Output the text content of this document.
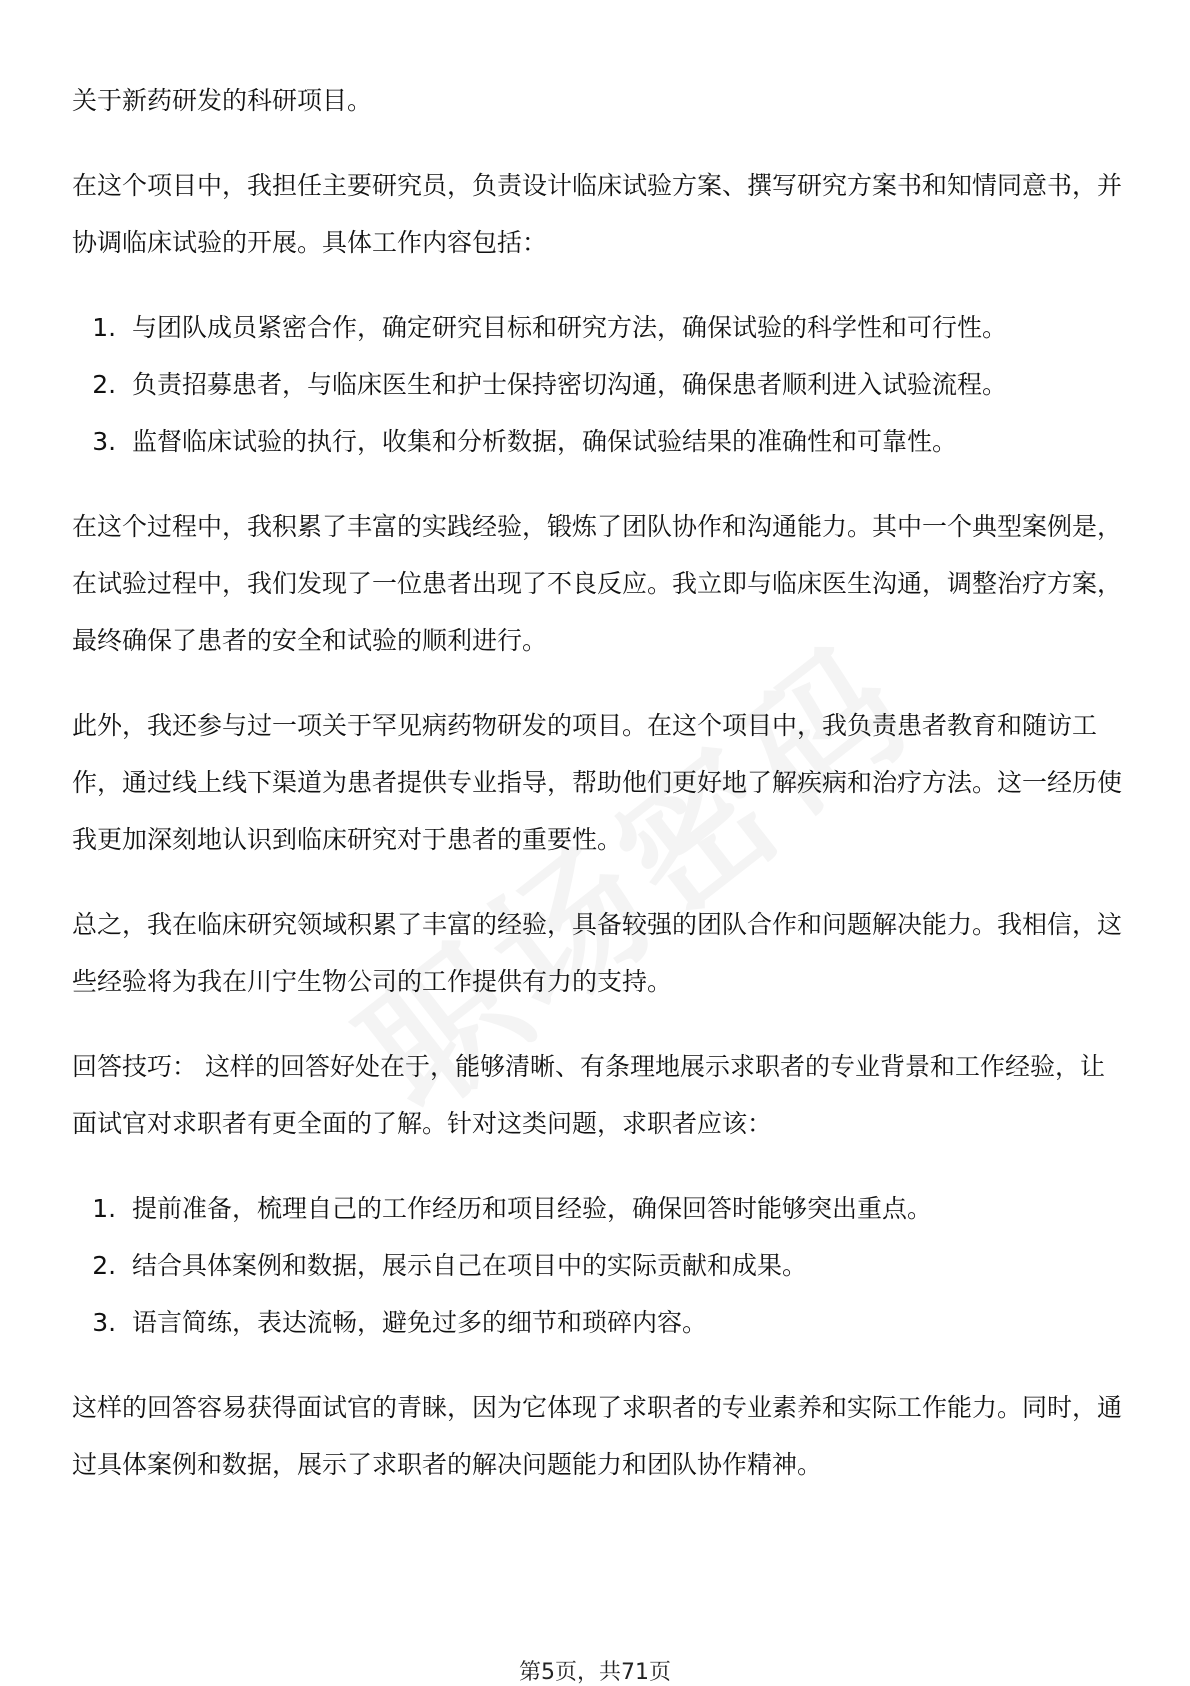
关于新药研发的科研项目。

在这个项目中，我担任主要研究员，负责设计临床试验方案、撰写研究方案书和知情同意书，并协调临床试验的开展。具体工作内容包括：

1. 与团队成员紧密合作，确定研究目标和研究方法，确保试验的科学性和可行性。
2. 负责招募患者，与临床医生和护士保持密切沟通，确保患者顺利进入试验流程。
3. 监督临床试验的执行，收集和分析数据，确保试验结果的准确性和可靠性。

在这个过程中，我积累了丰富的实践经验，锻炼了团队协作和沟通能力。其中一个典型案例是，在试验过程中，我们发现了一位患者出现了不良反应。我立即与临床医生沟通，调整治疗方案，最终确保了患者的安全和试验的顺利进行。

此外，我还参与过一项关于罕见病药物研发的项目。在这个项目中，我负责患者教育和随访工作，通过线上线下渠道为患者提供专业指导，帮助他们更好地了解疾病和治疗方法。这一经历使我更加深刻地认识到临床研究对于患者的重要性。

总之，我在临床研究领域积累了丰富的经验，具备较强的团队合作和问题解决能力。我相信，这些经验将为我在川宁生物公司的工作提供有力的支持。

回答技巧： 这样的回答好处在于，能够清晰、有条理地展示求职者的专业背景和工作经验，让面试官对求职者有更全面的了解。针对这类问题，求职者应该：

1. 提前准备，梳理自己的工作经历和项目经验，确保回答时能够突出重点。
2. 结合具体案例和数据，展示自己在项目中的实际贡献和成果。
3. 语言简练，表达流畅，避免过多的细节和琐碎内容。

这样的回答容易获得面试官的青睐，因为它体现了求职者的专业素养和实际工作能力。同时，通过具体案例和数据，展示了求职者的解决问题能力和团队协作精神。

第5页，共71页
